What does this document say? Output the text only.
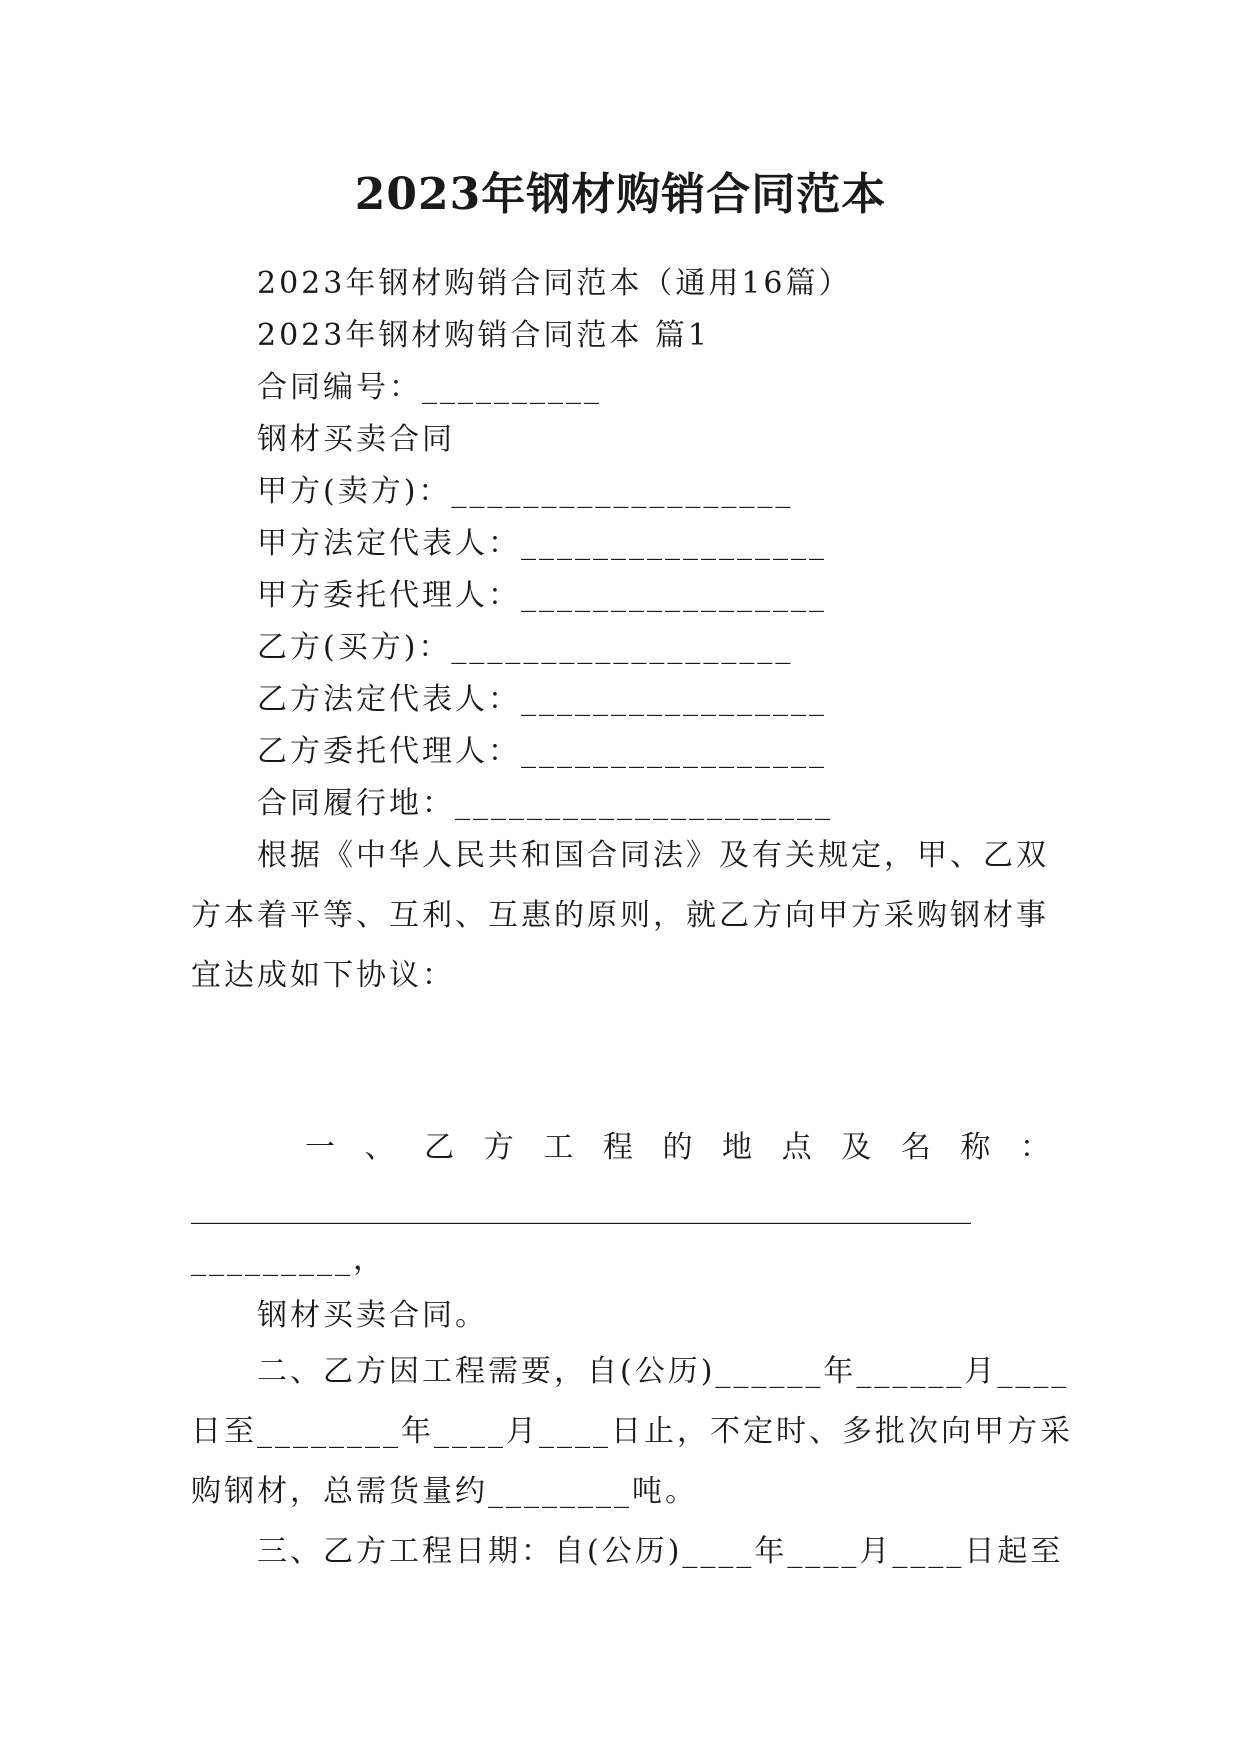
2023年钢材购销合同范本
2023年钢材购销合同范本（通用16篇）
2023年钢材购销合同范本 篇1
合同编号：__________
钢材买卖合同
甲方(卖方)：___________________
甲方法定代表人：_________________
甲方委托代理人：_________________
乙方(买方)：___________________
乙方法定代表人：_________________
乙方委托代理人：_________________
合同履行地：_____________________
根据《中华人民共和国合同法》及有关规定，甲、乙双
方本着平等、互利、互惠的原则，就乙方向甲方采购钢材事
宜达成如下协议：
一 、 乙 方 工 程 的 地 点 及 名 称 ：
____________________________________________________
_________，
钢材买卖合同。
二、乙方因工程需要，自(公历)______年______月____
日至________年____月____日止，不定时、多批次向甲方采
购钢材，总需货量约________吨。
三、乙方工程日期：自(公历)____年____月____日起至
